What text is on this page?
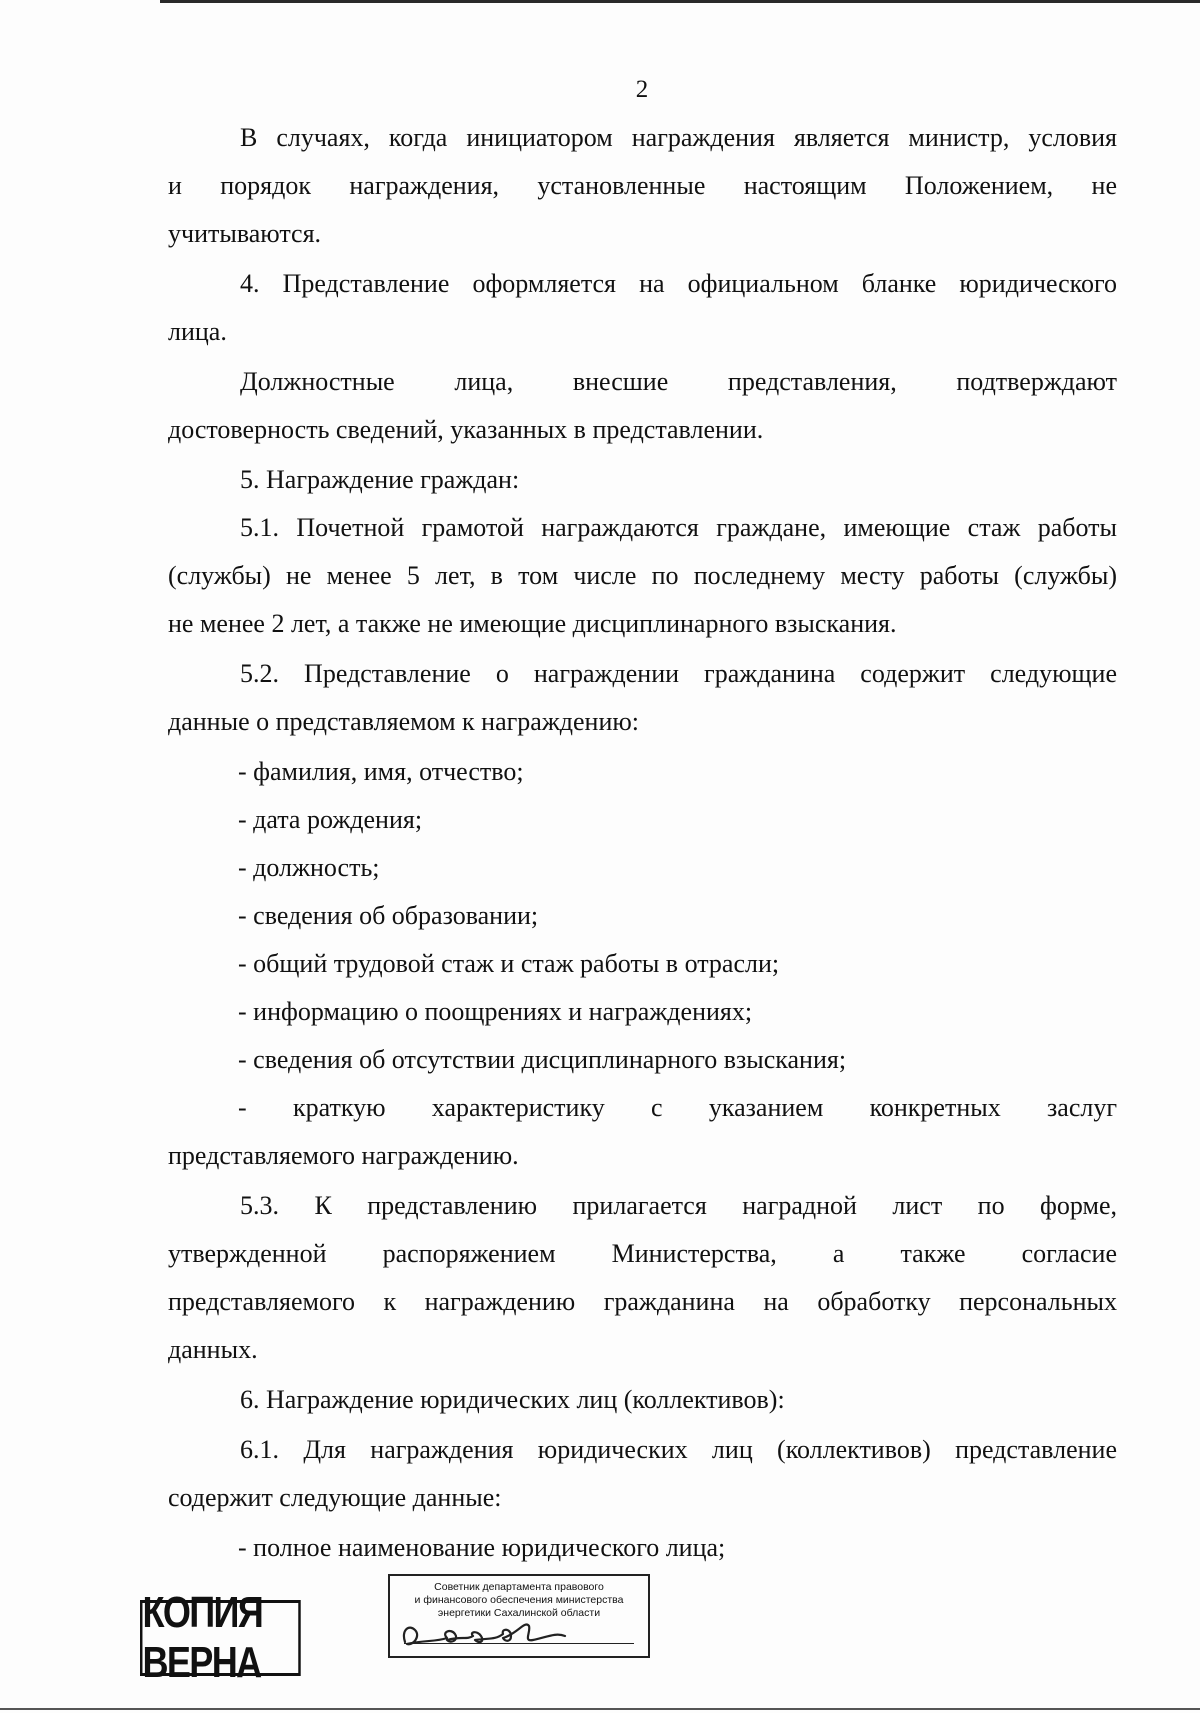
2
В случаях, когда инициатором награждения является министр, условия
и порядок награждения, установленные настоящим Положением, не
учитываются.
4. Представление оформляется на официальном бланке юридического
лица.
Должностные лица, внесшие представления, подтверждают
достоверность сведений, указанных в представлении.
5. Награждение граждан:
5.1. Почетной грамотой награждаются граждане, имеющие стаж работы
(службы) не менее 5 лет, в том числе по последнему месту работы (службы)
не менее 2 лет, а также не имеющие дисциплинарного взыскания.
5.2. Представление о награждении гражданина содержит следующие
данные о представляемом к награждению:
- фамилия, имя, отчество;
- дата рождения;
- должность;
- сведения об образовании;
- общий трудовой стаж и стаж работы в отрасли;
- информацию о поощрениях и награждениях;
- сведения об отсутствии дисциплинарного взыскания;
- краткую характеристику с указанием конкретных заслуг
представляемого награждению.
5.3. К представлению прилагается наградной лист по форме,
утвержденной распоряжением Министерства, а также согласие
представляемого к награждению гражданина на обработку персональных
данных.
6. Награждение юридических лиц (коллективов):
6.1. Для награждения юридических лиц (коллективов) представление
содержит следующие данные:
- полное наименование юридического лица;
КОПИЯ ВЕРНА
Советник департамента правового
и финансового обеспечения министерства
энергетики Сахалинской области
